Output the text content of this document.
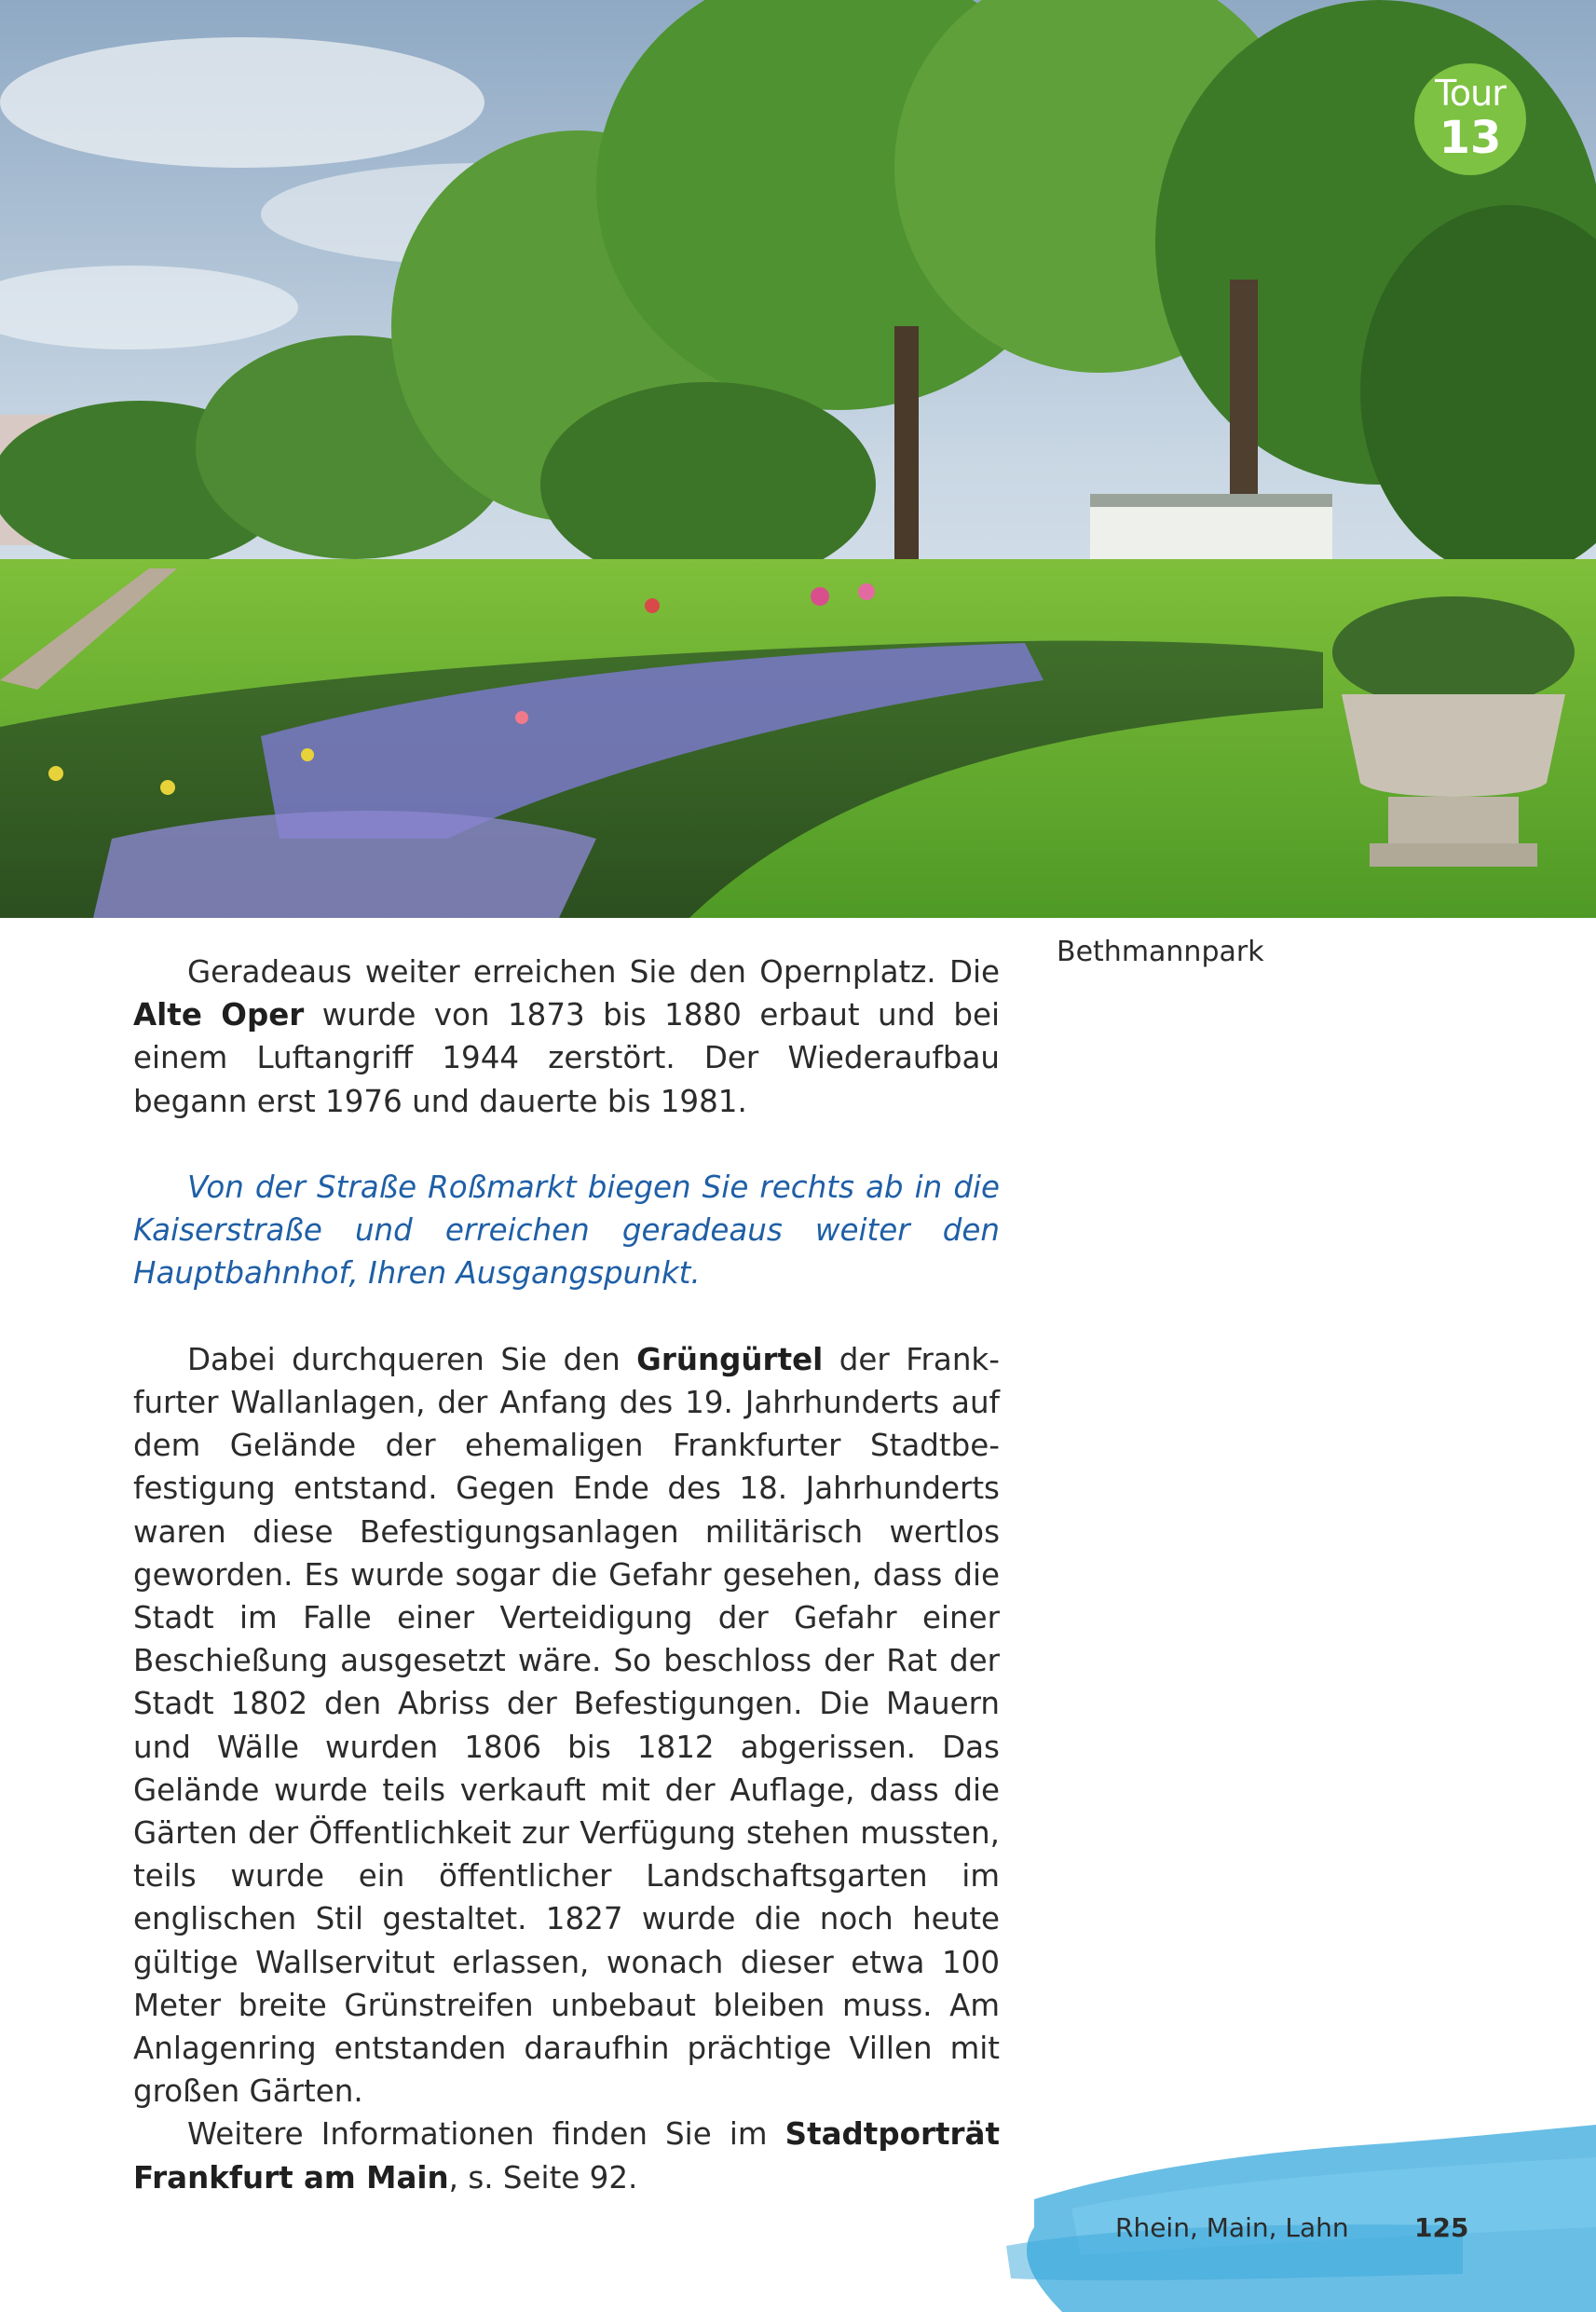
Tour
13
Bethmannpark

Geradeaus weiter erreichen Sie den Opernplatz. Die Alte Oper wurde von 1873 bis 1880 erbaut und bei einem Luftangriff 1944 zerstört. Der Wiederaufbau begann erst 1976 und dauerte bis 1981.

Von der Straße Roßmarkt biegen Sie rechts ab in die Kaiserstraße und erreichen geradeaus weiter den Hauptbahnhof, Ihren Ausgangspunkt.

Dabei durchqueren Sie den Grüngürtel der Frankfurter Wallanlagen, der Anfang des 19. Jahrhunderts auf dem Gelände der ehemaligen Frankfurter Stadtbefestigung entstand. Gegen Ende des 18. Jahrhunderts waren diese Befestigungsanlagen militärisch wertlos geworden. Es wurde sogar die Gefahr gesehen, dass die Stadt im Falle einer Verteidigung der Gefahr einer Beschießung ausgesetzt wäre. So beschloss der Rat der Stadt 1802 den Abriss der Befestigungen. Die Mauern und Wälle wurden 1806 bis 1812 abgerissen. Das Gelände wurde teils verkauft mit der Auflage, dass die Gärten der Öffentlichkeit zur Verfügung stehen mussten, teils wurde ein öffentlicher Landschaftsgarten im englischen Stil gestaltet. 1827 wurde die noch heute gültige Wallservitut erlassen, wonach dieser etwa 100 Meter breite Grünstreifen unbebaut bleiben muss. Am Anlagenring entstanden daraufhin prächtige Villen mit großen Gärten.

Weitere Informationen finden Sie im Stadtporträt Frankfurt am Main, s. Seite 92.

Rhein, Main, Lahn	125
